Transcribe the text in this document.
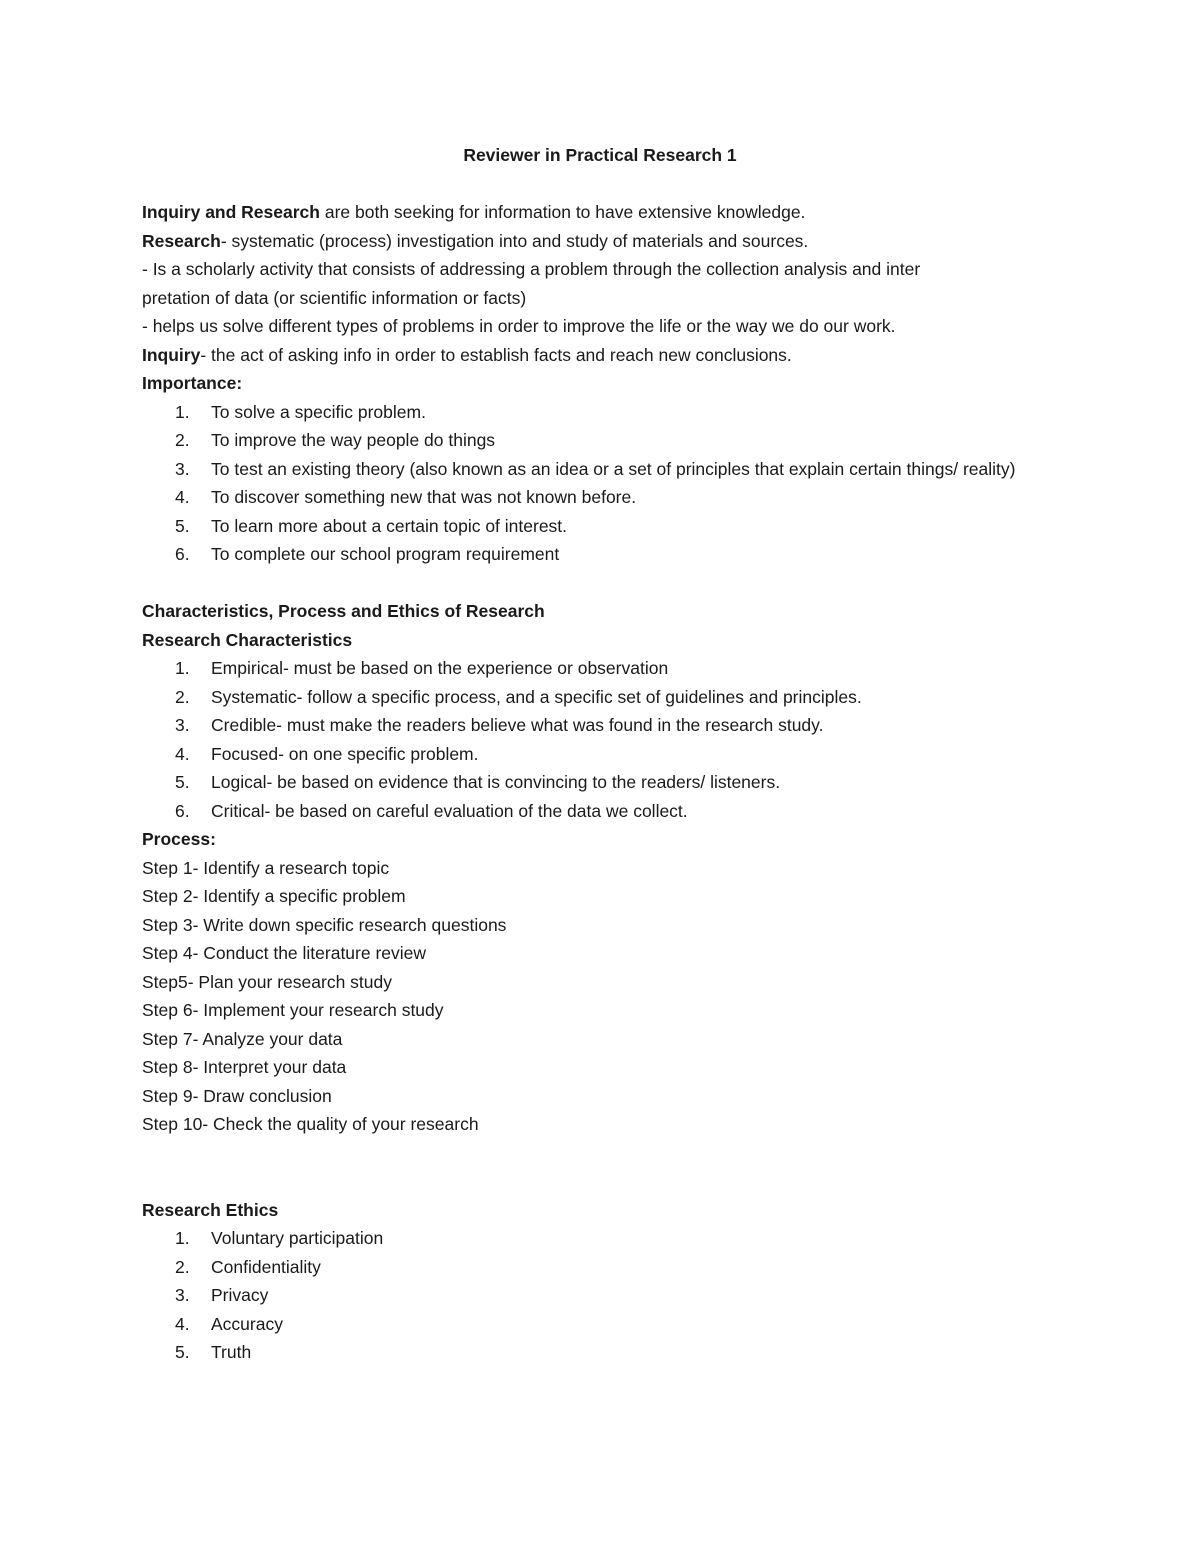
Reviewer in Practical Research 1
Inquiry and Research are both seeking for information to have extensive knowledge.
Research- systematic (process) investigation into and study of materials and sources.
- Is a scholarly activity that consists of addressing a problem through the collection analysis and inter
pretation of data (or scientific information or facts)
- helps us solve different types of problems in order to improve the life or the way we do our work.
Inquiry- the act of asking info in order to establish facts and reach new conclusions.
Importance:
1. To solve a specific problem.
2. To improve the way people do things
3. To test an existing theory (also known as an idea or a set of principles that explain certain things/ reality)
4. To discover something new that was not known before.
5. To learn more about a certain topic of interest.
6. To complete our school program requirement
Characteristics, Process and Ethics of Research
Research Characteristics
1. Empirical- must be based on the experience or observation
2. Systematic- follow a specific process, and a specific set of guidelines and principles.
3. Credible- must make the readers believe what was found in the research study.
4. Focused- on one specific problem.
5. Logical- be based on evidence that is convincing to the readers/ listeners.
6. Critical- be based on careful evaluation of the data we collect.
Process:
Step 1- Identify a research topic
Step 2- Identify a specific problem
Step 3- Write down specific research questions
Step 4- Conduct the literature review
Step5- Plan your research study
Step 6- Implement your research study
Step 7- Analyze your data
Step 8- Interpret your data
Step 9- Draw conclusion
Step 10- Check the quality of your research
Research Ethics
1. Voluntary participation
2. Confidentiality
3. Privacy
4. Accuracy
5. Truth
